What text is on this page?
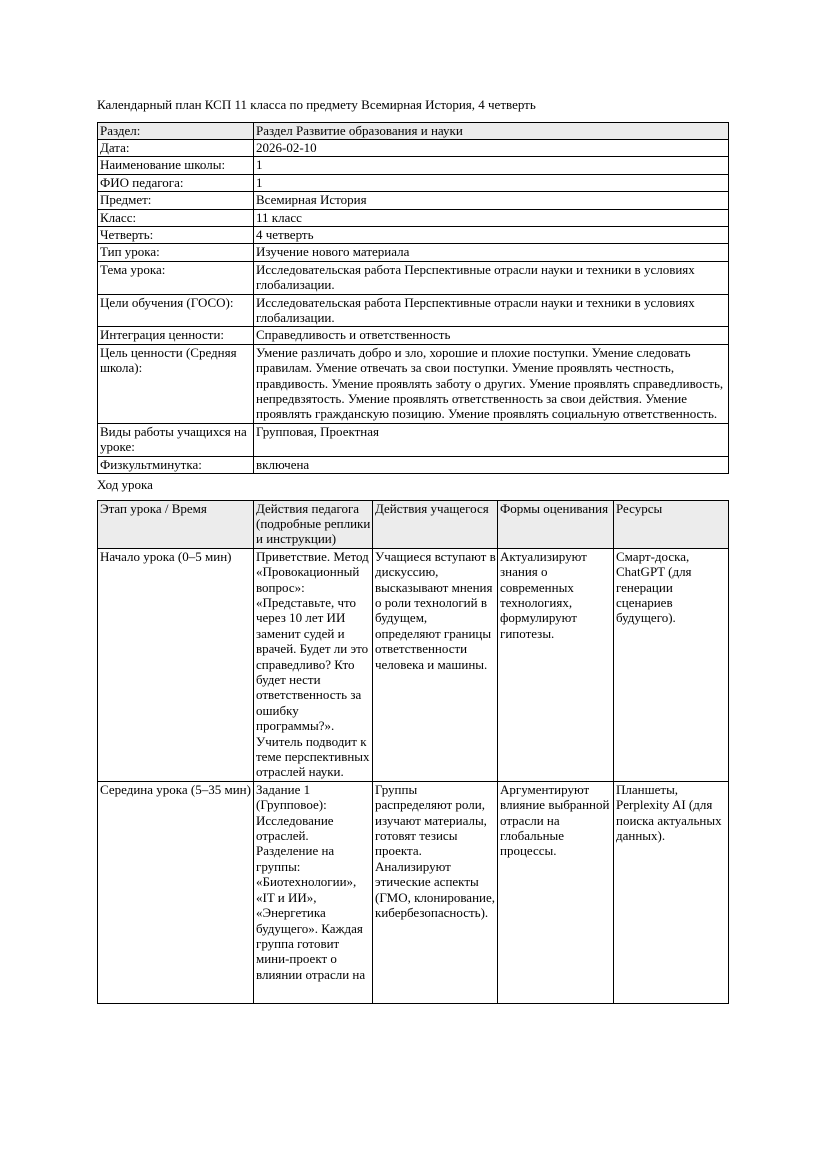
Календарный план КСП 11 класса по предмету Всемирная История, 4 четверть

Раздел:	Раздел Развитие образования и науки
Дата:	2026-02-10
Наименование школы:	1
ФИО педагога:	1
Предмет:	Всемирная История
Класс:	11 класс
Четверть:	4 четверть
Тип урока:	Изучение нового материала
Тема урока:	Исследовательская работа Перспективные отрасли науки и техники в условиях глобализации.
Цели обучения (ГОСО):	Исследовательская работа Перспективные отрасли науки и техники в условиях глобализации.
Интеграция ценности:	Справедливость и ответственность
Цель ценности (Средняя школа):	Умение различать добро и зло, хорошие и плохие поступки. Умение следовать правилам. Умение отвечать за свои поступки. Умение проявлять честность, правдивость. Умение проявлять заботу о других. Умение проявлять справедливость, непредвзятость. Умение проявлять ответственность за свои действия. Умение проявлять гражданскую позицию. Умение проявлять социальную ответственность.
Виды работы учащихся на уроке:	Групповая, Проектная
Физкультминутка:	включена

Ход урока

Этап урока / Время	Действия педагога (подробные реплики и инструкции)	Действия учащегося	Формы оценивания	Ресурсы
Начало урока (0–5 мин)	Приветствие. Метод «Провокационный вопрос»: «Представьте, что через 10 лет ИИ заменит судей и врачей. Будет ли это справедливо? Кто будет нести ответственность за ошибку программы?». Учитель подводит к теме перспективных отраслей науки.	Учащиеся вступают в дискуссию, высказывают мнения о роли технологий в будущем, определяют границы ответственности человека и машины.	Актуализируют знания о современных технологиях, формулируют гипотезы.	Смарт-доска, ChatGPT (для генерации сценариев будущего).
Середина урока (5–35 мин)	Задание 1 (Групповое): Исследование отраслей. Разделение на группы: «Биотехнологии», «IT и ИИ», «Энергетика будущего». Каждая группа готовит мини-проект о влиянии отрасли на	Группы распределяют роли, изучают материалы, готовят тезисы проекта. Анализируют этические аспекты (ГМО, клонирование, кибербезопасность).	Аргументируют влияние выбранной отрасли на глобальные процессы.	Планшеты, Perplexity AI (для поиска актуальных данных).
